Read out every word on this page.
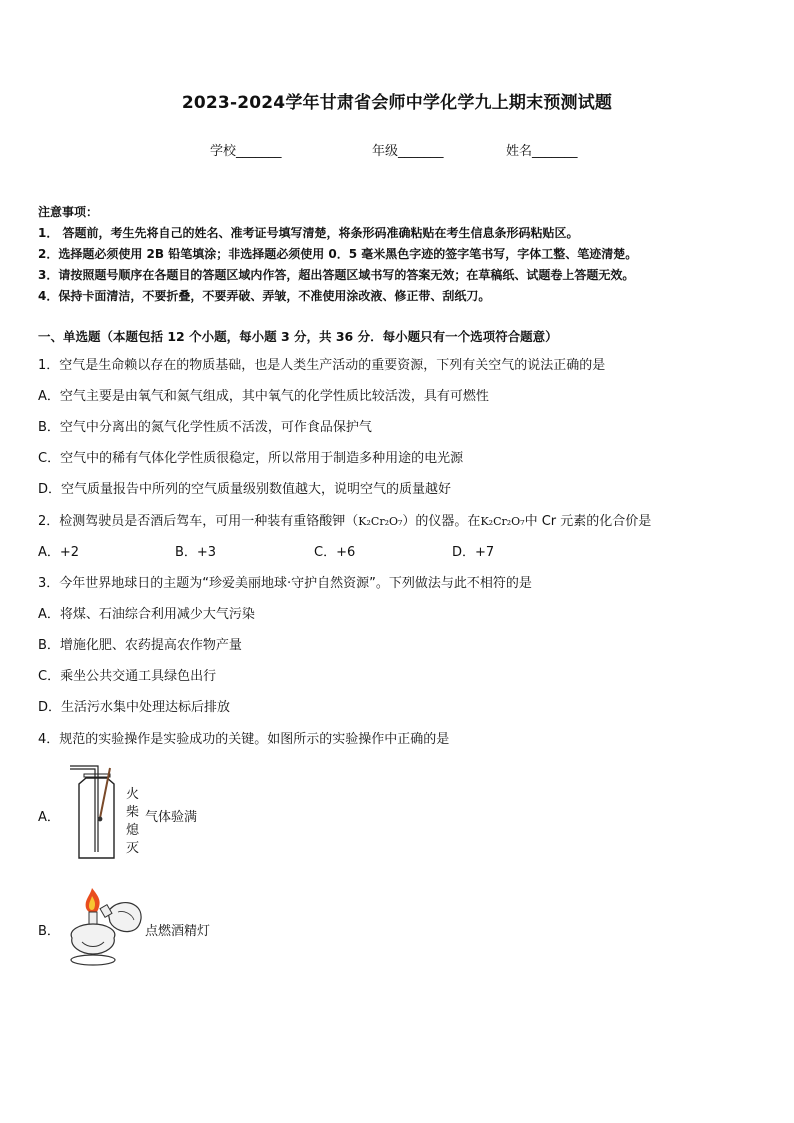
2023-2024学年甘肃省会师中学化学九上期末预测试题
学校_______	年级_______	姓名_______
注意事项：
1． 答题前，考生先将自己的姓名、准考证号填写清楚，将条形码准确粘贴在考生信息条形码粘贴区。
2．选择题必须使用 2B 铅笔填涂；非选择题必须使用 0．5 毫米黑色字迹的签字笔书写，字体工整、笔迹清楚。
3．请按照题号顺序在各题目的答题区域内作答，超出答题区域书写的答案无效；在草稿纸、试题卷上答题无效。
4．保持卡面清洁，不要折叠，不要弄破、弄皱，不准使用涂改液、修正带、刮纸刀。
一、单选题（本题包括 12 个小题，每小题 3 分，共 36 分．每小题只有一个选项符合题意）
1．空气是生命赖以存在的物质基础，也是人类生产活动的重要资源，下列有关空气的说法正确的是
A．空气主要是由氧气和氮气组成，其中氧气的化学性质比较活泼，具有可燃性
B．空气中分离出的氮气化学性质不活泼，可作食品保护气
C．空气中的稀有气体化学性质很稳定，所以常用于制造多种用途的电光源
D．空气质量报告中所列的空气质量级别数值越大，说明空气的质量越好
2．检测驾驶员是否酒后驾车，可用一种装有重铬酸钾（K₂Cr₂O₇）的仪器。在K₂Cr₂O₇中 Cr 元素的化合价是
A．+2	B．+3	C．+6	D．+7
3．今年世界地球日的主题为“珍爱美丽地球·守护自然资源”。下列做法与此不相符的是
A．将煤、石油综合利用减少大气污染
B．增施化肥、农药提高农作物产量
C．乘坐公共交通工具绿色出行
D．生活污水集中处理达标后排放
4．规范的实验操作是实验成功的关键。如图所示的实验操作中正确的是
A．
火柴熄灭
气体验满
B．	点燃酒精灯
